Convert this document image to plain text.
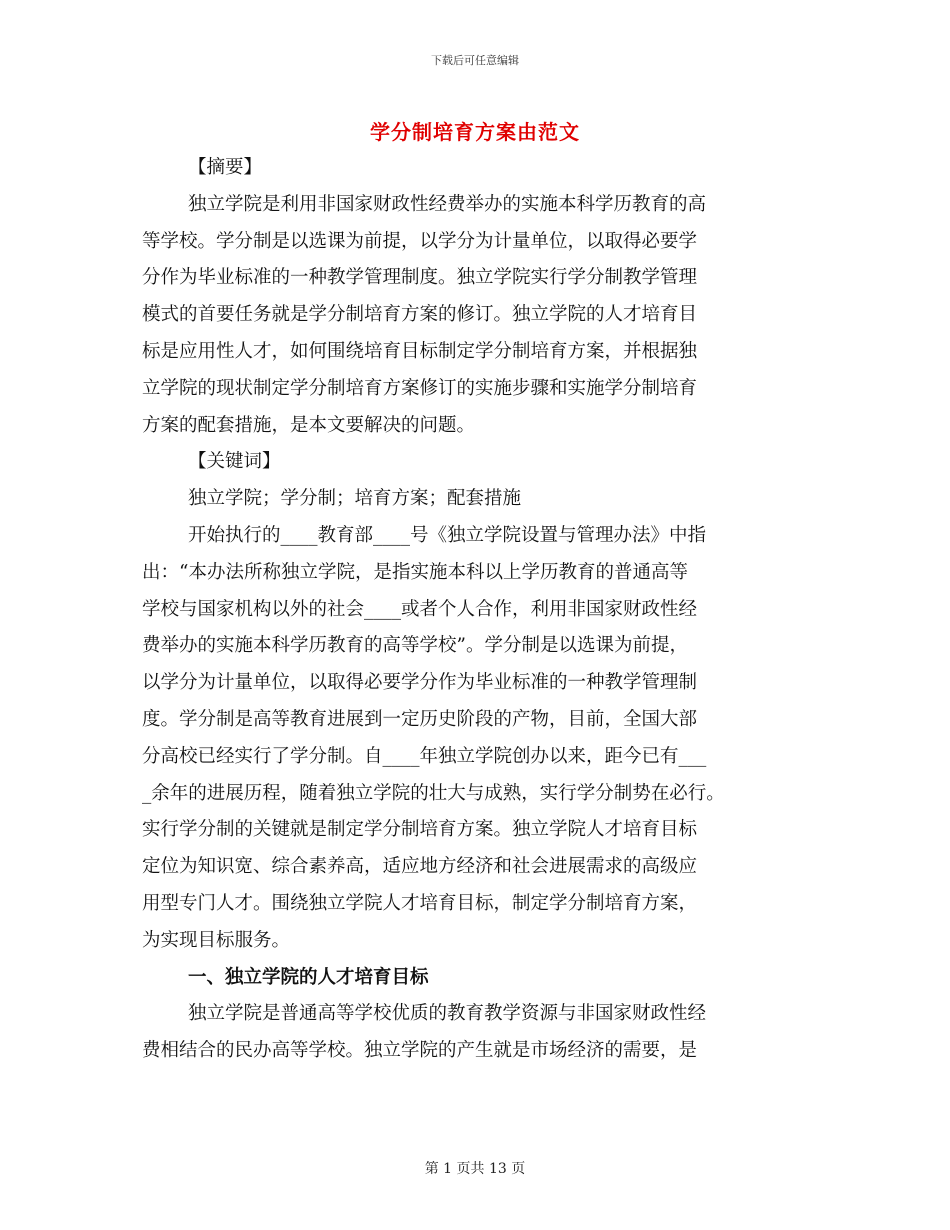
下载后可任意编辑
学分制培育方案由范文
【摘要】
独立学院是利用非国家财政性经费举办的实施本科学历教育的高
等学校。学分制是以选课为前提，以学分为计量单位，以取得必要学
分作为毕业标准的一种教学管理制度。独立学院实行学分制教学管理
模式的首要任务就是学分制培育方案的修订。独立学院的人才培育目
标是应用性人才，如何围绕培育目标制定学分制培育方案，并根据独
立学院的现状制定学分制培育方案修订的实施步骤和实施学分制培育
方案的配套措施，是本文要解决的问题。
【关键词】
独立学院；学分制；培育方案；配套措施
开始执行的____教育部____号《独立学院设置与管理办法》中指
出：“本办法所称独立学院，是指实施本科以上学历教育的普通高等
学校与国家机构以外的社会____或者个人合作，利用非国家财政性经
费举办的实施本科学历教育的高等学校”。学分制是以选课为前提，
以学分为计量单位，以取得必要学分作为毕业标准的一种教学管理制
度。学分制是高等教育进展到一定历史阶段的产物，目前，全国大部
分高校已经实行了学分制。自____年独立学院创办以来，距今已有___
_余年的进展历程，随着独立学院的壮大与成熟，实行学分制势在必行。
实行学分制的关键就是制定学分制培育方案。独立学院人才培育目标
定位为知识宽、综合素养高，适应地方经济和社会进展需求的高级应
用型专门人才。围绕独立学院人才培育目标，制定学分制培育方案，
为实现目标服务。
一、独立学院的人才培育目标
独立学院是普通高等学校优质的教育教学资源与非国家财政性经
费相结合的民办高等学校。独立学院的产生就是市场经济的需要，是
第 1 页共 13 页
